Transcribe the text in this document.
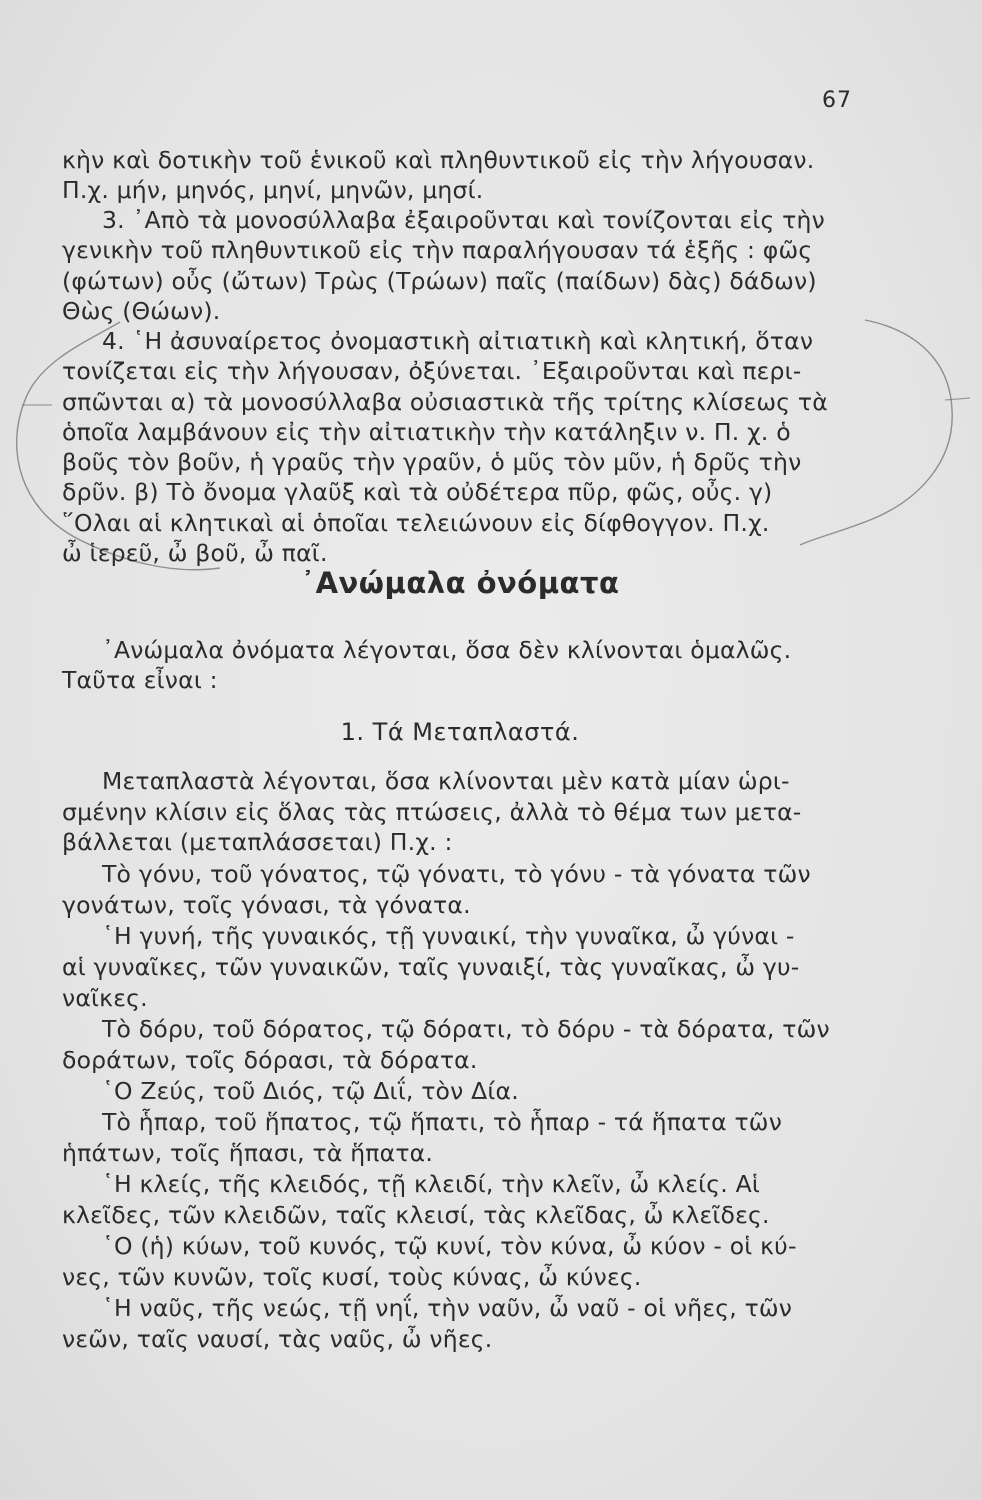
67
κὴν καὶ δοτικὴν τοῦ ἑνικοῦ καὶ πληθυντικοῦ εἰς τὴν λήγουσαν.
Π.χ. μήν, μηνός, μηνί, μηνῶν, μησί.
3. ᾿Απὸ τὰ μονοσύλλαβα ἐξαιροῦνται καὶ τονίζονται εἰς τὴν
γενικὴν τοῦ πληθυντικοῦ εἰς τὴν παραλήγουσαν τά ἑξῆς : φῶς
(φώτων) οὖς (ὤτων) Τρὼς (Τρώων) παῖς (παίδων) δὰς) δάδων)
Θὼς (Θώων).
4. ῾Η ἀσυναίρετος ὀνομαστικὴ αἰτιατικὴ καὶ κλητική, ὅταν
τονίζεται εἰς τὴν λήγουσαν, ὀξύνεται. ᾿Εξαιροῦνται καὶ περι-
σπῶνται α) τὰ μονοσύλλαβα οὐσιαστικὰ τῆς τρίτης κλίσεως τὰ
ὁποῖα λαμβάνουν εἰς τὴν αἰτιατικὴν τὴν κατάληξιν ν. Π. χ. ὁ
βοῦς τὸν βοῦν, ἡ γραῦς τὴν γραῦν, ὁ μῦς τὸν μῦν, ἡ δρῦς τὴν
δρῦν. β) Τὸ ὄνομα γλαῦξ καὶ τὰ οὐδέτερα πῦρ, φῶς, οὖς. γ)
῞Ολαι αἱ κλητικαὶ αἱ ὁποῖαι τελειώνουν εἰς δίφθογγον. Π.χ.
ὦ ἱερεῦ, ὦ βοῦ, ὦ παῖ.
᾿Ανώμαλα ὀνόματα
᾿Ανώμαλα ὀνόματα λέγονται, ὅσα δὲν κλίνονται ὁμαλῶς.
Ταῦτα εἶναι :
1. Τά Μεταπλαστά.
Μεταπλαστὰ λέγονται, ὅσα κλίνονται μὲν κατὰ μίαν ὡρι-
σμένην κλίσιν εἰς ὅλας τὰς πτώσεις, ἀλλὰ τὸ θέμα των μετα-
βάλλεται (μεταπλάσσεται) Π.χ. :
Τὸ γόνυ, τοῦ γόνατος, τῷ γόνατι, τὸ γόνυ - τὰ γόνατα τῶν
γονάτων, τοῖς γόνασι, τὰ γόνατα.
῾Η γυνή, τῆς γυναικός, τῇ γυναικί, τὴν γυναῖκα, ὦ γύναι -
αἱ γυναῖκες, τῶν γυναικῶν, ταῖς γυναιξί, τὰς γυναῖκας, ὦ γυ-
ναῖκες.
Τὸ δόρυ, τοῦ δόρατος, τῷ δόρατι, τὸ δόρυ - τὰ δόρατα, τῶν
δοράτων, τοῖς δόρασι, τὰ δόρατα.
῾Ο Ζεύς, τοῦ Διός, τῷ Διΐ, τὸν Δία.
Τὸ ἧπαρ, τοῦ ἥπατος, τῷ ἥπατι, τὸ ἧπαρ - τά ἥπατα τῶν
ἡπάτων, τοῖς ἥπασι, τὰ ἥπατα.
῾Η κλείς, τῆς κλειδός, τῇ κλειδί, τὴν κλεῖν, ὦ κλείς. Αἱ
κλεῖδες, τῶν κλειδῶν, ταῖς κλεισί, τὰς κλεῖδας, ὦ κλεῖδες.
῾Ο (ἡ) κύων, τοῦ κυνός, τῷ κυνί, τὸν κύνα, ὦ κύον - οἱ κύ-
νες, τῶν κυνῶν, τοῖς κυσί, τοὺς κύνας, ὦ κύνες.
῾Η ναῦς, τῆς νεώς, τῇ νηΐ, τὴν ναῦν, ὦ ναῦ - οἱ νῆες, τῶν
νεῶν, ταῖς ναυσί, τὰς ναῦς, ὦ νῆες.
